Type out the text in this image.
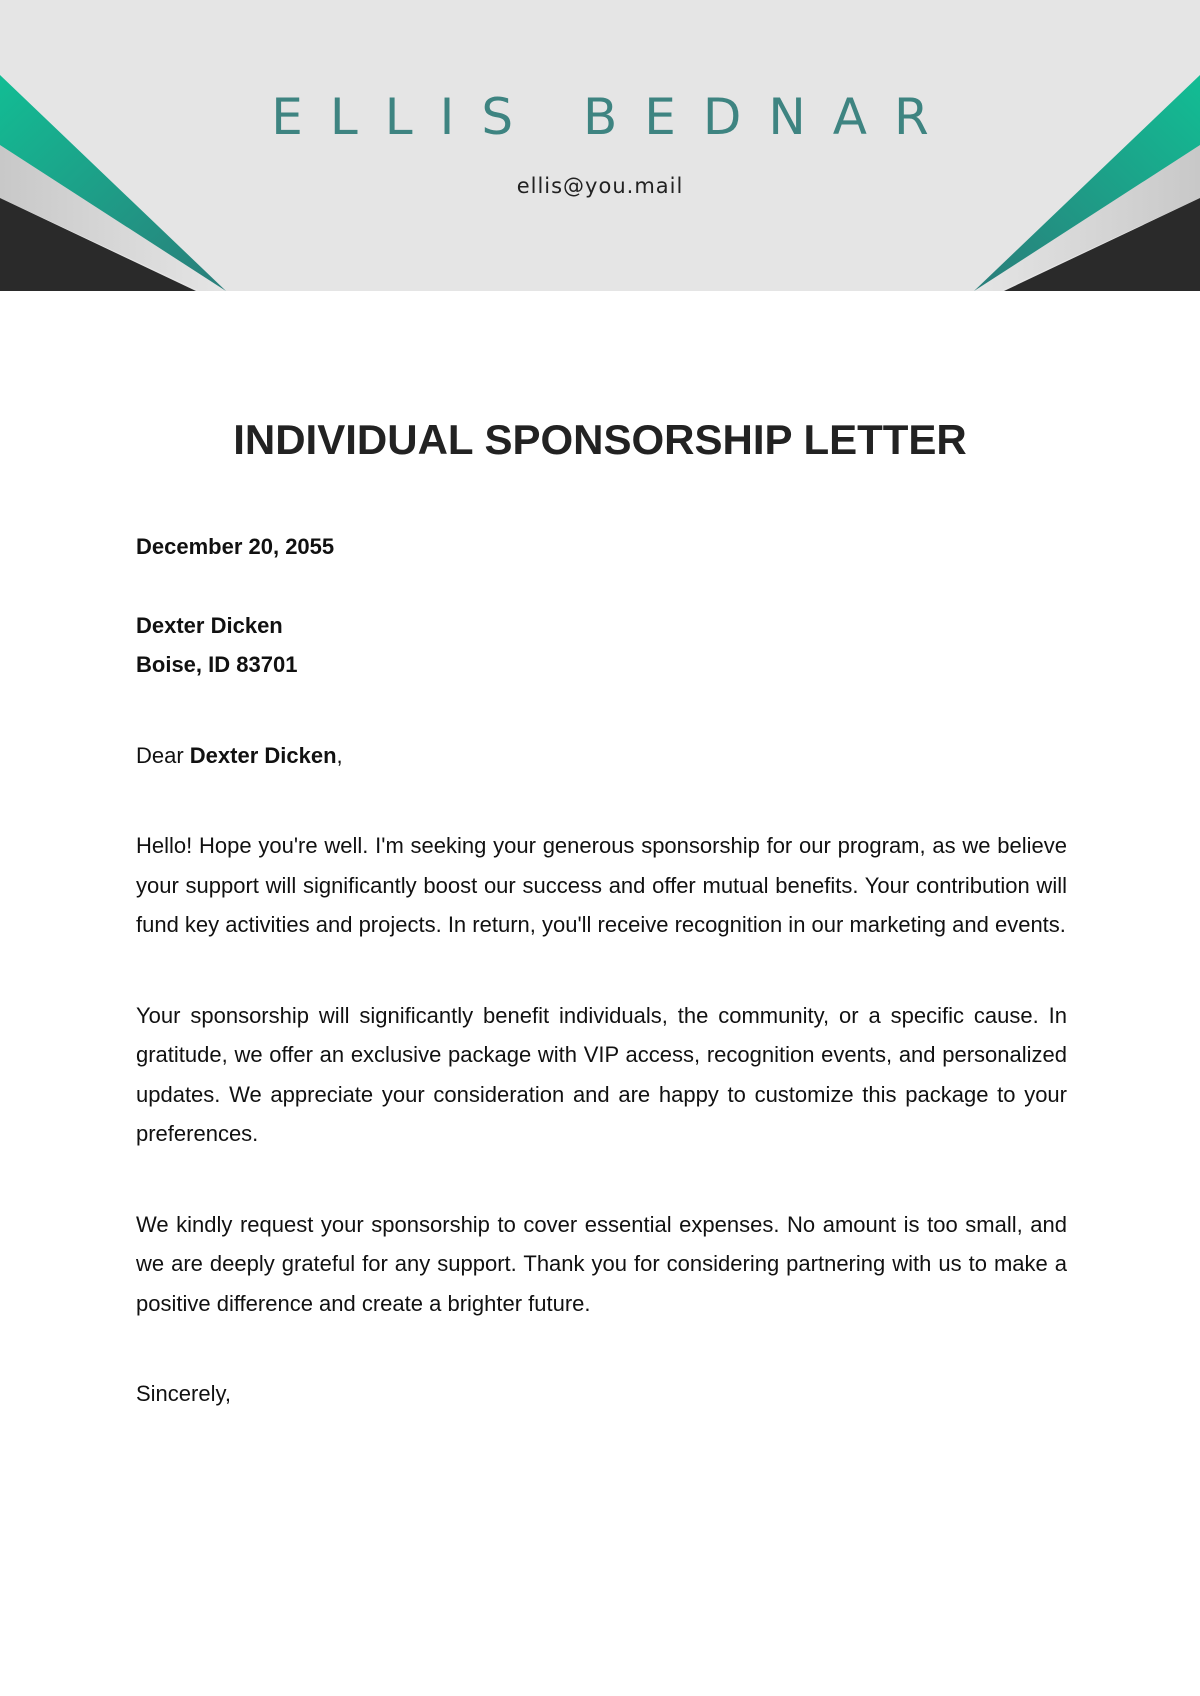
ELLIS BEDNAR
ellis@you.mail
INDIVIDUAL SPONSORSHIP LETTER

December 20, 2055

Dexter Dicken

Boise, ID 83701

Dear Dexter Dicken,

Hello! Hope you're well. I'm seeking your generous sponsorship for our program, as we believe your support will significantly boost our success and offer mutual benefits. Your contribution will fund key activities and projects. In return, you'll receive recognition in our marketing and events.

Your sponsorship will significantly benefit individuals, the community, or a specific cause. In gratitude, we offer an exclusive package with VIP access, recognition events, and personalized updates. We appreciate your consideration and are happy to customize this package to your preferences.

We kindly request your sponsorship to cover essential expenses. No amount is too small, and we are deeply grateful for any support. Thank you for considering partnering with us to make a positive difference and create a brighter future.

Sincerely,
